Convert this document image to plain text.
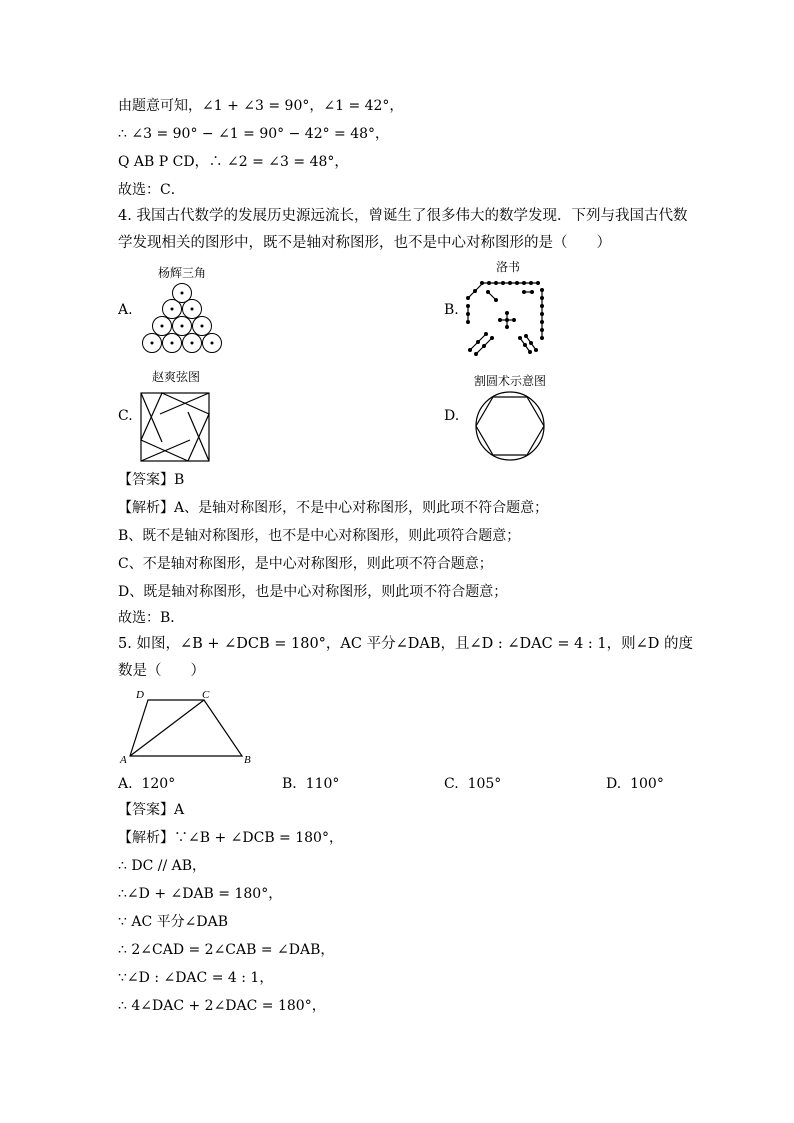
由题意可知，∠1 + ∠3 = 90°，∠1 = 42°，
∴ ∠3 = 90° − ∠1 = 90° − 42° = 48°，
Q AB P CD，∴ ∠2 = ∠3 = 48°，
故选：C．
4. 我国古代数学的发展历史源远流长，曾诞生了很多伟大的数学发现．下列与我国古代数
学发现相关的图形中，既不是轴对称图形，也不是中心对称图形的是（　　）
杨辉三角
A.
洛书
B.
赵爽弦图
C.
割圆术示意图
D.
【答案】B
【解析】A、是轴对称图形，不是中心对称图形，则此项不符合题意；
B、既不是轴对称图形，也不是中心对称图形，则此项符合题意；
C、不是轴对称图形，是中心对称图形，则此项不符合题意；
D、既是轴对称图形，也是中心对称图形，则此项不符合题意；
故选：B．
5. 如图，∠B + ∠DCB = 180°，AC 平分∠DAB，且∠D : ∠DAC = 4 : 1，则∠D 的度
数是（　　）
D	C
A	B
A. 120°	B. 110°	C. 105°	D. 100°
【答案】A
【解析】∵∠B + ∠DCB = 180°，
∴ DC // AB，
∴∠D + ∠DAB = 180°，
∵ AC 平分∠DAB
∴ 2∠CAD = 2∠CAB = ∠DAB，
∵∠D : ∠DAC = 4 : 1，
∴ 4∠DAC + 2∠DAC = 180°，
